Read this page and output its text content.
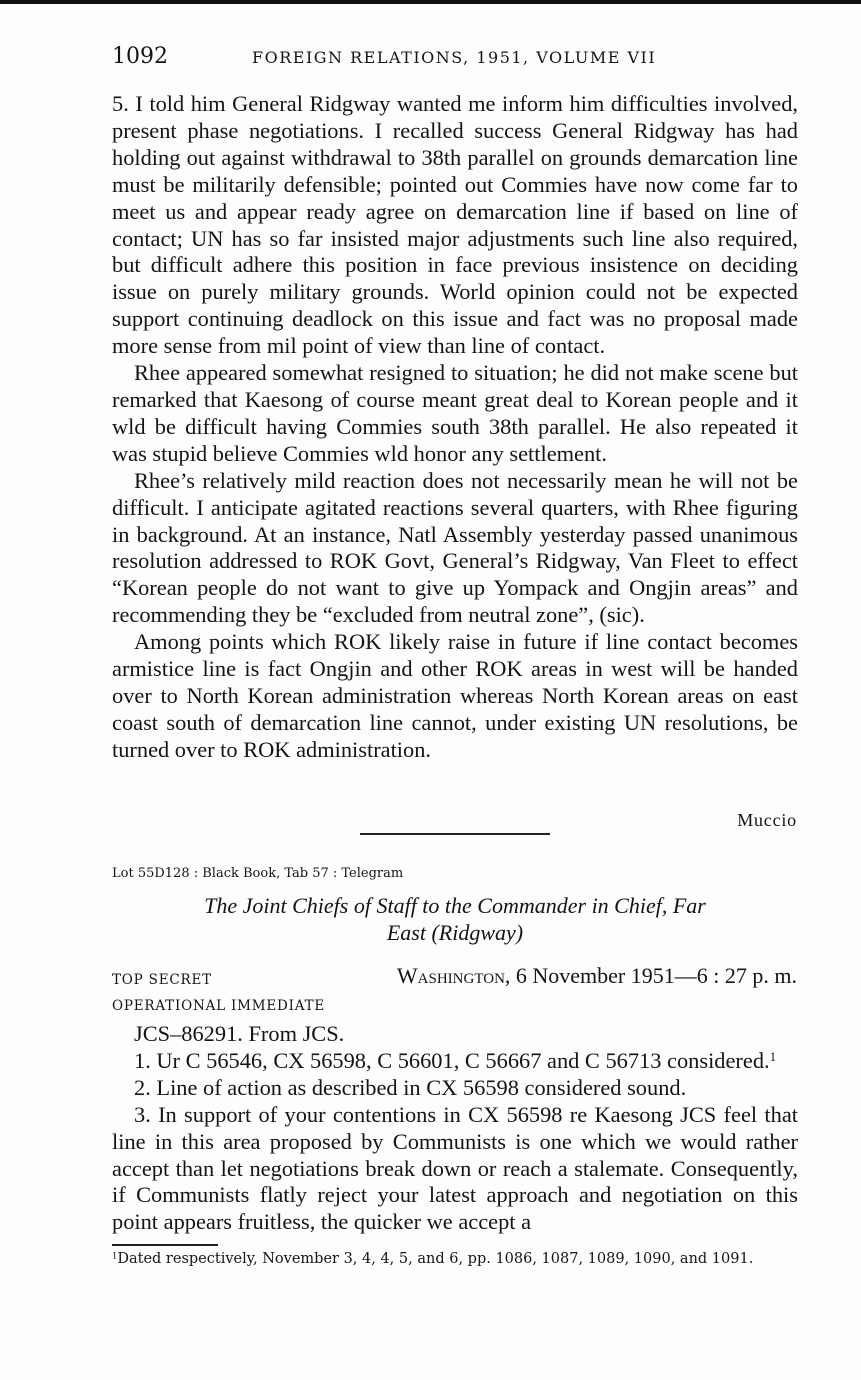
1092	FOREIGN RELATIONS, 1951, VOLUME VII

5. I told him General Ridgway wanted me inform him difficulties involved, present phase negotiations. I recalled success General Ridgway has had holding out against withdrawal to 38th parallel on grounds demarcation line must be militarily defensible; pointed out Commies have now come far to meet us and appear ready agree on demarcation line if based on line of contact; UN has so far insisted major adjustments such line also required, but difficult adhere this position in face previous insistence on deciding issue on purely military grounds. World opinion could not be expected support continuing deadlock on this issue and fact was no proposal made more sense from mil point of view than line of contact.

Rhee appeared somewhat resigned to situation; he did not make scene but remarked that Kaesong of course meant great deal to Korean people and it wld be difficult having Commies south 38th parallel. He also repeated it was stupid believe Commies wld honor any settlement.

Rhee’s relatively mild reaction does not necessarily mean he will not be difficult. I anticipate agitated reactions several quarters, with Rhee figuring in background. At an instance, Natl Assembly yesterday passed unanimous resolution addressed to ROK Govt, General’s Ridgway, Van Fleet to effect “Korean people do not want to give up Yompack and Ongjin areas” and recommending they be “excluded from neutral zone”, (sic).

Among points which ROK likely raise in future if line contact becomes armistice line is fact Ongjin and other ROK areas in west will be handed over to North Korean administration whereas North Korean areas on east coast south of demarcation line cannot, under existing UN resolutions, be turned over to ROK administration.

Muccio
Lot 55D128 : Black Book, Tab 57 : Telegram
The Joint Chiefs of Staff to the Commander in Chief, Far
East (Ridgway)
TOP SECRET	Washington, 6 November 1951—6 : 27 p. m.
OPERATIONAL IMMEDIATE

JCS–86291. From JCS.

1. Ur C 56546, CX 56598, C 56601, C 56667 and C 56713 considered.$^1$

2. Line of action as described in CX 56598 considered sound.

3. In support of your contentions in CX 56598 re Kaesong JCS feel that line in this area proposed by Communists is one which we would rather accept than let negotiations break down or reach a stalemate. Consequently, if Communists flatly reject your latest approach and negotiation on this point appears fruitless, the quicker we accept a

$^1$Dated respectively, November 3, 4, 4, 5, and 6, pp. 1086, 1087, 1089, 1090, and 1091.
